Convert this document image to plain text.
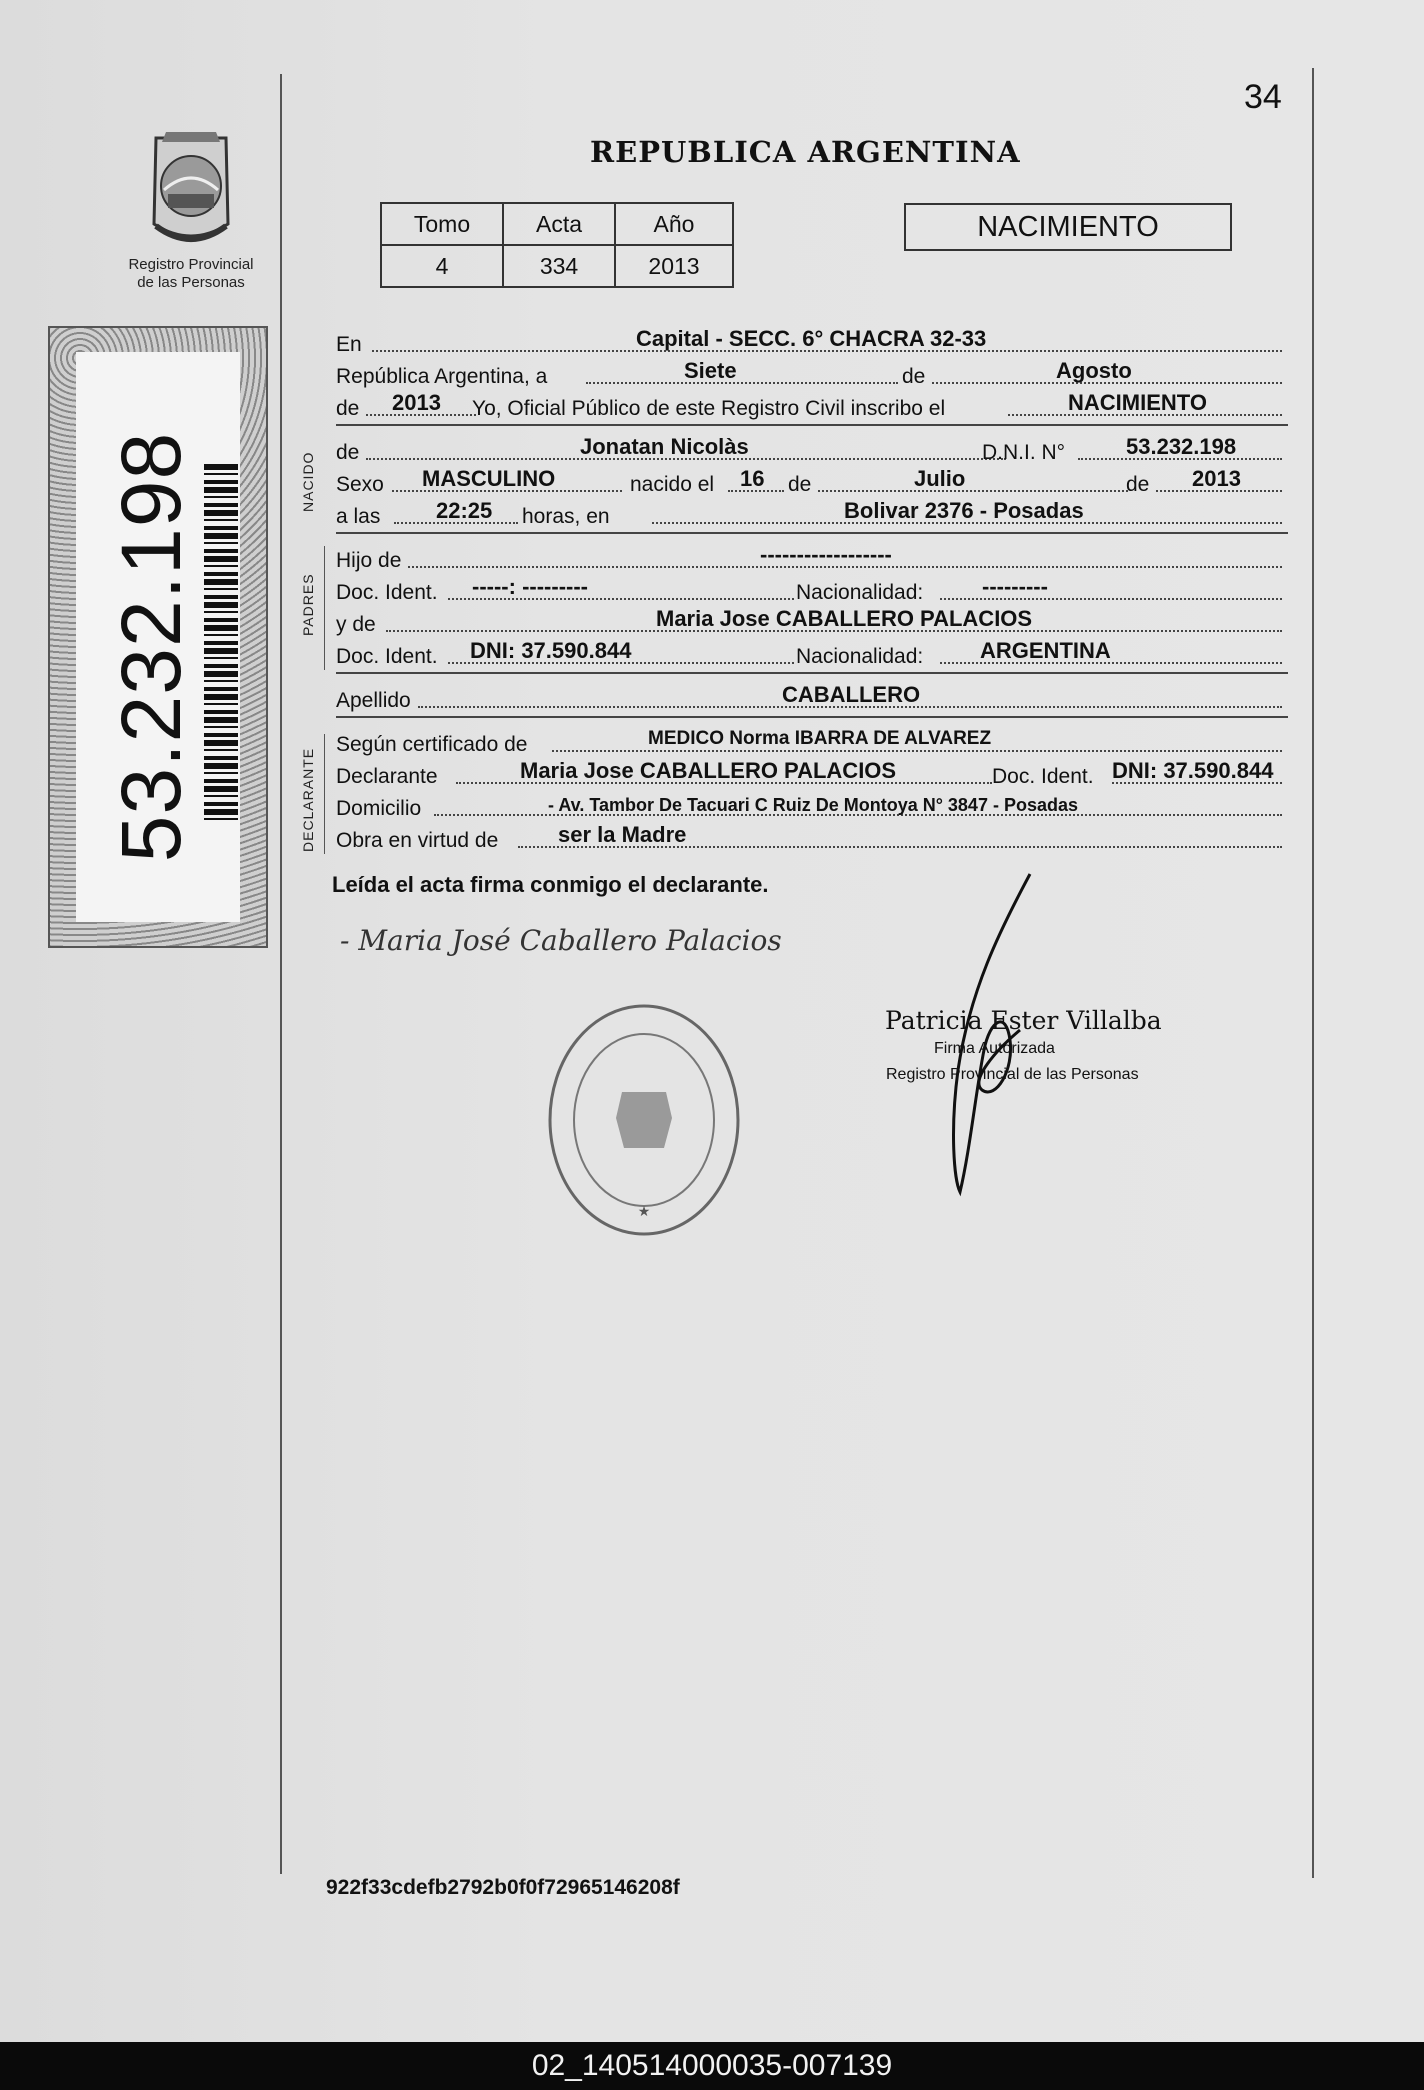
34
REPUBLICA ARGENTINA
Tomo	Acta	Año
4	334	2013
NACIMIENTO
Registro Provincial de las Personas
53.232.198	NACIDO
PADRES
DECLARANTE
En	Capital - SECC. 6° CHACRA 32-33
República Argentina, a	Siete	de	Agosto
de 2013 Yo, Oficial Público de este Registro Civil inscribo el	NACIMIENTO
de	Jonatan Nicolàs	D.N.I. N°	53.232.198
Sexo MASCULINO	nacido el 16 de	Julio	de 2013
a las	22:25 horas, en	Bolivar 2376 - Posadas
Hijo de	------------------
Doc. Ident. -----: ---------	Nacionalidad:	---------
y de	Maria Jose CABALLERO PALACIOS
Doc. Ident. DNI: 37.590.844	Nacionalidad:	ARGENTINA
Apellido	CABALLERO
Según certificado de	MEDICO Norma IBARRA DE ALVAREZ
Declarante	Maria Jose CABALLERO PALACIOS	Doc. Ident. DNI: 37.590.844
Domicilio	- Av. Tambor De Tacuari C Ruiz De Montoya N° 3847 - Posadas
Obra en virtud de	ser la Madre
Leída el acta firma conmigo el declarante.
- Maria José Caballero Palacios
★
Patricia Ester Villalba
Firma Autorizada
Registro Provincial de las Personas
922f33cdefb2792b0f0f72965146208f
02_140514000035-007139
